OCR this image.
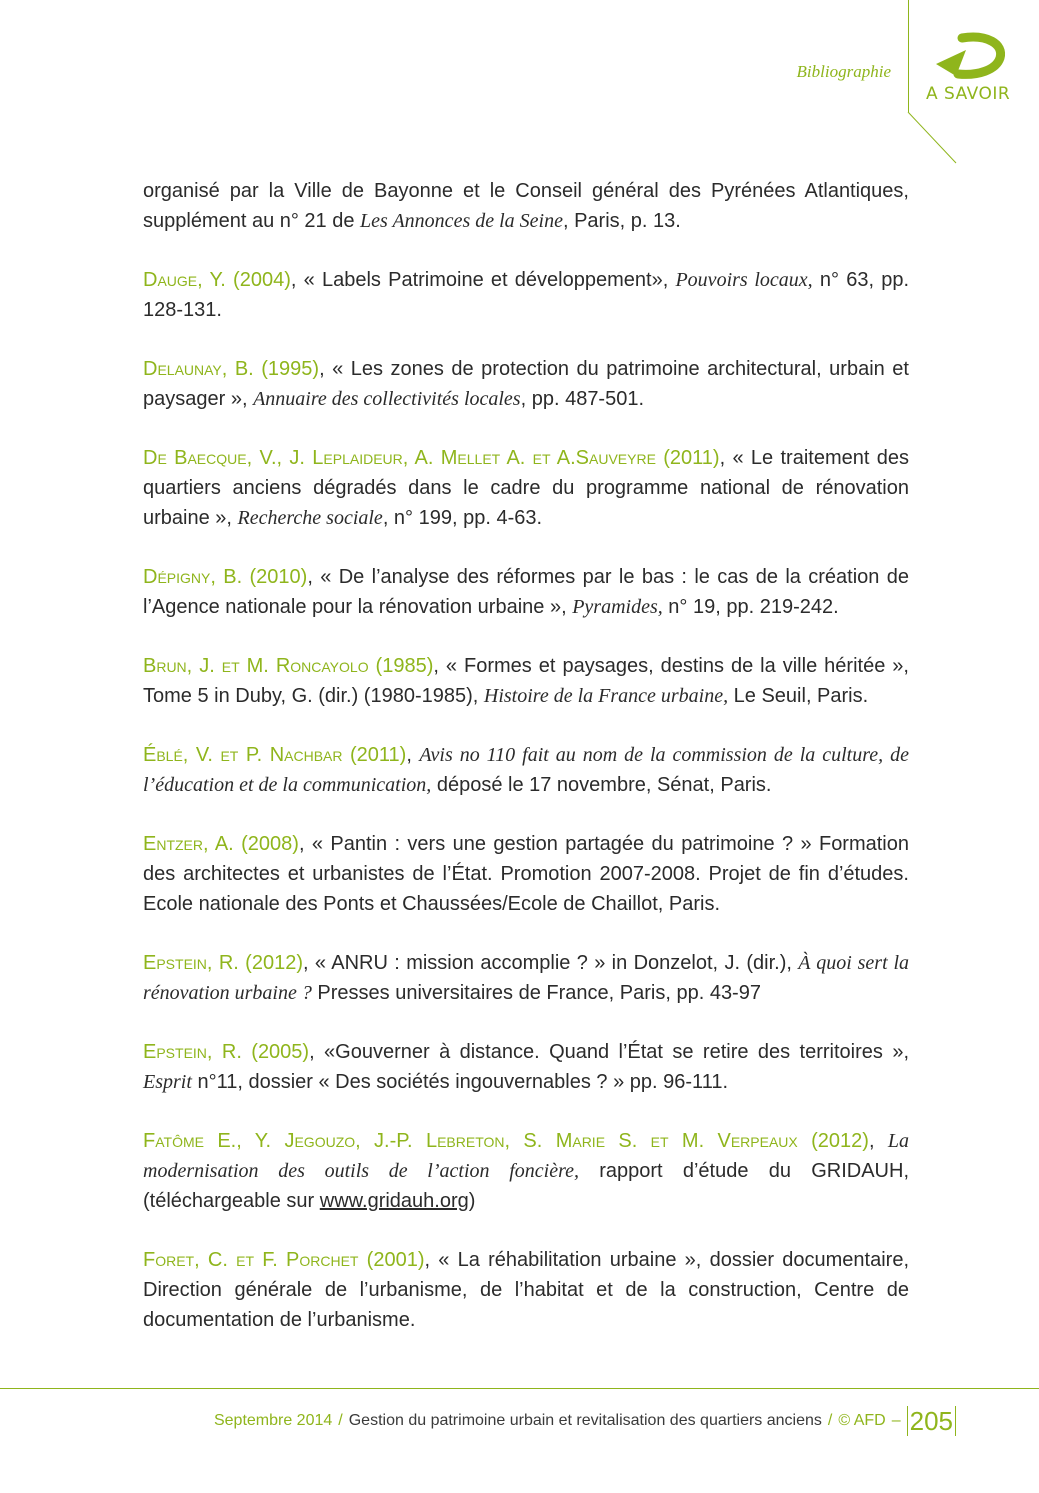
Bibliographie
A SAVOIR

organisé par la Ville de Bayonne et le Conseil général des Pyrénées Atlantiques, supplément au n° 21 de Les Annonces de la Seine, Paris, p. 13.

Dauge, Y. (2004), « Labels Patrimoine et développement», Pouvoirs locaux, n° 63, pp. 128-131.

Delaunay, B. (1995), « Les zones de protection du patrimoine architectural, urbain et paysager », Annuaire des collectivités locales, pp. 487-501.

De Baecque, V., J. Leplaideur, A. Mellet A. et A.Sauveyre (2011), « Le traitement des quartiers anciens dégradés dans le cadre du programme national de rénovation urbaine », Recherche sociale, n° 199, pp. 4-63.

Dépigny, B. (2010), « De l’analyse des réformes par le bas : le cas de la création de l’Agence nationale pour la rénovation urbaine », Pyramides, n° 19, pp. 219-242.

Brun, J. et M. Roncayolo (1985), « Formes et paysages, destins de la ville héritée », Tome 5 in Duby, G. (dir.) (1980-1985), Histoire de la France urbaine, Le Seuil, Paris.

Éblé, V. et P. Nachbar (2011), Avis no 110 fait au nom de la commission de la culture, de l’éducation et de la communication, déposé le 17 novembre, Sénat, Paris.

Entzer, A. (2008), « Pantin : vers une gestion partagée du patrimoine ? » Formation des architectes et urbanistes de l’État. Promotion 2007-2008. Projet de fin d’études. Ecole nationale des Ponts et Chaussées/Ecole de Chaillot, Paris.

Epstein, R. (2012), « ANRU : mission accomplie ? » in Donzelot, J. (dir.), À quoi sert la rénovation urbaine ? Presses universitaires de France, Paris, pp. 43-97

Epstein, R. (2005), «Gouverner à distance. Quand l’État se retire des territoires », Esprit n°11, dossier « Des sociétés ingouvernables ? » pp. 96-111.

Fatôme E., Y. Jegouzo, J.-P. Lebreton, S. Marie S. et M. Verpeaux (2012), La modernisation des outils de l’action foncière, rapport d’étude du GRIDAUH, (téléchargeable sur www.gridauh.org)

Foret, C. et F. Porchet (2001), « La réhabilitation urbaine », dossier documentaire, Direction générale de l’urbanisme, de l’habitat et de la construction, Centre de documentation de l’urbanisme.

Septembre 2014 / Gestion du patrimoine urbain et revitalisation des quartiers anciens / © AFD – 205
